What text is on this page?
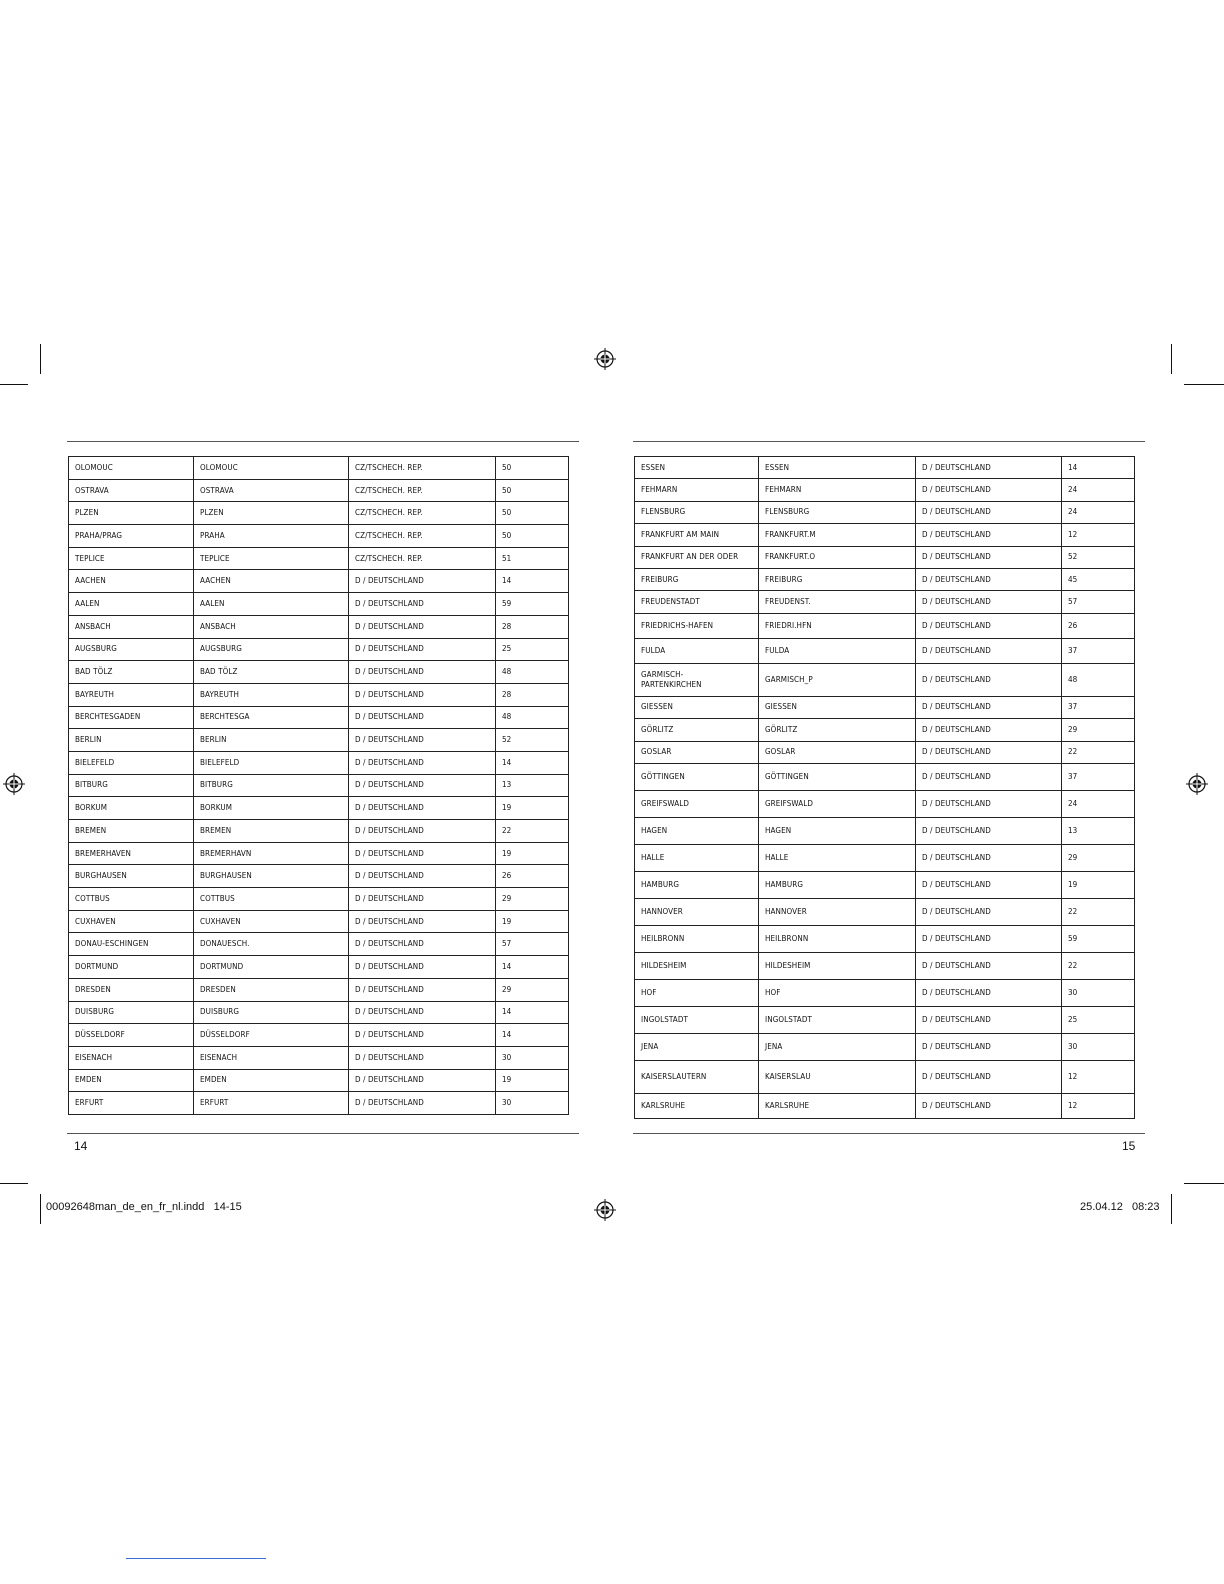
OLOMOUC	OLOMOUC	CZ/TSCHECH. REP.	50
OSTRAVA	OSTRAVA	CZ/TSCHECH. REP.	50
PLZEN	PLZEN	CZ/TSCHECH. REP.	50
PRAHA/PRAG	PRAHA	CZ/TSCHECH. REP.	50
TEPLICE	TEPLICE	CZ/TSCHECH. REP.	51
AACHEN	AACHEN	D / DEUTSCHLAND	14
AALEN	AALEN	D / DEUTSCHLAND	59
ANSBACH	ANSBACH	D / DEUTSCHLAND	28
AUGSBURG	AUGSBURG	D / DEUTSCHLAND	25
BAD TÖLZ	BAD TÖLZ	D / DEUTSCHLAND	48
BAYREUTH	BAYREUTH	D / DEUTSCHLAND	28
BERCHTESGADEN	BERCHTESGA	D / DEUTSCHLAND	48
BERLIN	BERLIN	D / DEUTSCHLAND	52
BIELEFELD	BIELEFELD	D / DEUTSCHLAND	14
BITBURG	BITBURG	D / DEUTSCHLAND	13
BORKUM	BORKUM	D / DEUTSCHLAND	19
BREMEN	BREMEN	D / DEUTSCHLAND	22
BREMERHAVEN	BREMERHAVN	D / DEUTSCHLAND	19
BURGHAUSEN	BURGHAUSEN	D / DEUTSCHLAND	26
COTTBUS	COTTBUS	D / DEUTSCHLAND	29
CUXHAVEN	CUXHAVEN	D / DEUTSCHLAND	19
DONAU-ESCHINGEN	DONAUESCH.	D / DEUTSCHLAND	57
DORTMUND	DORTMUND	D / DEUTSCHLAND	14
DRESDEN	DRESDEN	D / DEUTSCHLAND	29
DUISBURG	DUISBURG	D / DEUTSCHLAND	14
DÜSSELDORF	DÜSSELDORF	D / DEUTSCHLAND	14
EISENACH	EISENACH	D / DEUTSCHLAND	30
EMDEN	EMDEN	D / DEUTSCHLAND	19
ERFURT	ERFURT	D / DEUTSCHLAND	30
ESSEN	ESSEN	D / DEUTSCHLAND	14
FEHMARN	FEHMARN	D / DEUTSCHLAND	24
FLENSBURG	FLENSBURG	D / DEUTSCHLAND	24
FRANKFURT AM MAIN	FRANKFURT.M	D / DEUTSCHLAND	12
FRANKFURT AN DER ODER	FRANKFURT.O	D / DEUTSCHLAND	52
FREIBURG	FREIBURG	D / DEUTSCHLAND	45
FREUDENSTADT	FREUDENST.	D / DEUTSCHLAND	57
FRIEDRICHS-HAFEN	FRIEDRI.HFN	D / DEUTSCHLAND	26
FULDA	FULDA	D / DEUTSCHLAND	37
GARMISCH-
PARTENKIRCHEN	GARMISCH_P	D / DEUTSCHLAND	48
GIESSEN	GIESSEN	D / DEUTSCHLAND	37
GÖRLITZ	GÖRLITZ	D / DEUTSCHLAND	29
GOSLAR	GOSLAR	D / DEUTSCHLAND	22
GÖTTINGEN	GÖTTINGEN	D / DEUTSCHLAND	37
GREIFSWALD	GREIFSWALD	D / DEUTSCHLAND	24
HAGEN	HAGEN	D / DEUTSCHLAND	13
HALLE	HALLE	D / DEUTSCHLAND	29
HAMBURG	HAMBURG	D / DEUTSCHLAND	19
HANNOVER	HANNOVER	D / DEUTSCHLAND	22
HEILBRONN	HEILBRONN	D / DEUTSCHLAND	59
HILDESHEIM	HILDESHEIM	D / DEUTSCHLAND	22
HOF	HOF	D / DEUTSCHLAND	30
INGOLSTADT	INGOLSTADT	D / DEUTSCHLAND	25
JENA	JENA	D / DEUTSCHLAND	30
KAISERSLAUTERN	KAISERSLAU	D / DEUTSCHLAND	12
KARLSRUHE	KARLSRUHE	D / DEUTSCHLAND	12
14	15
00092648man_de_en_fr_nl.indd   14-15	25.04.12 08:23
